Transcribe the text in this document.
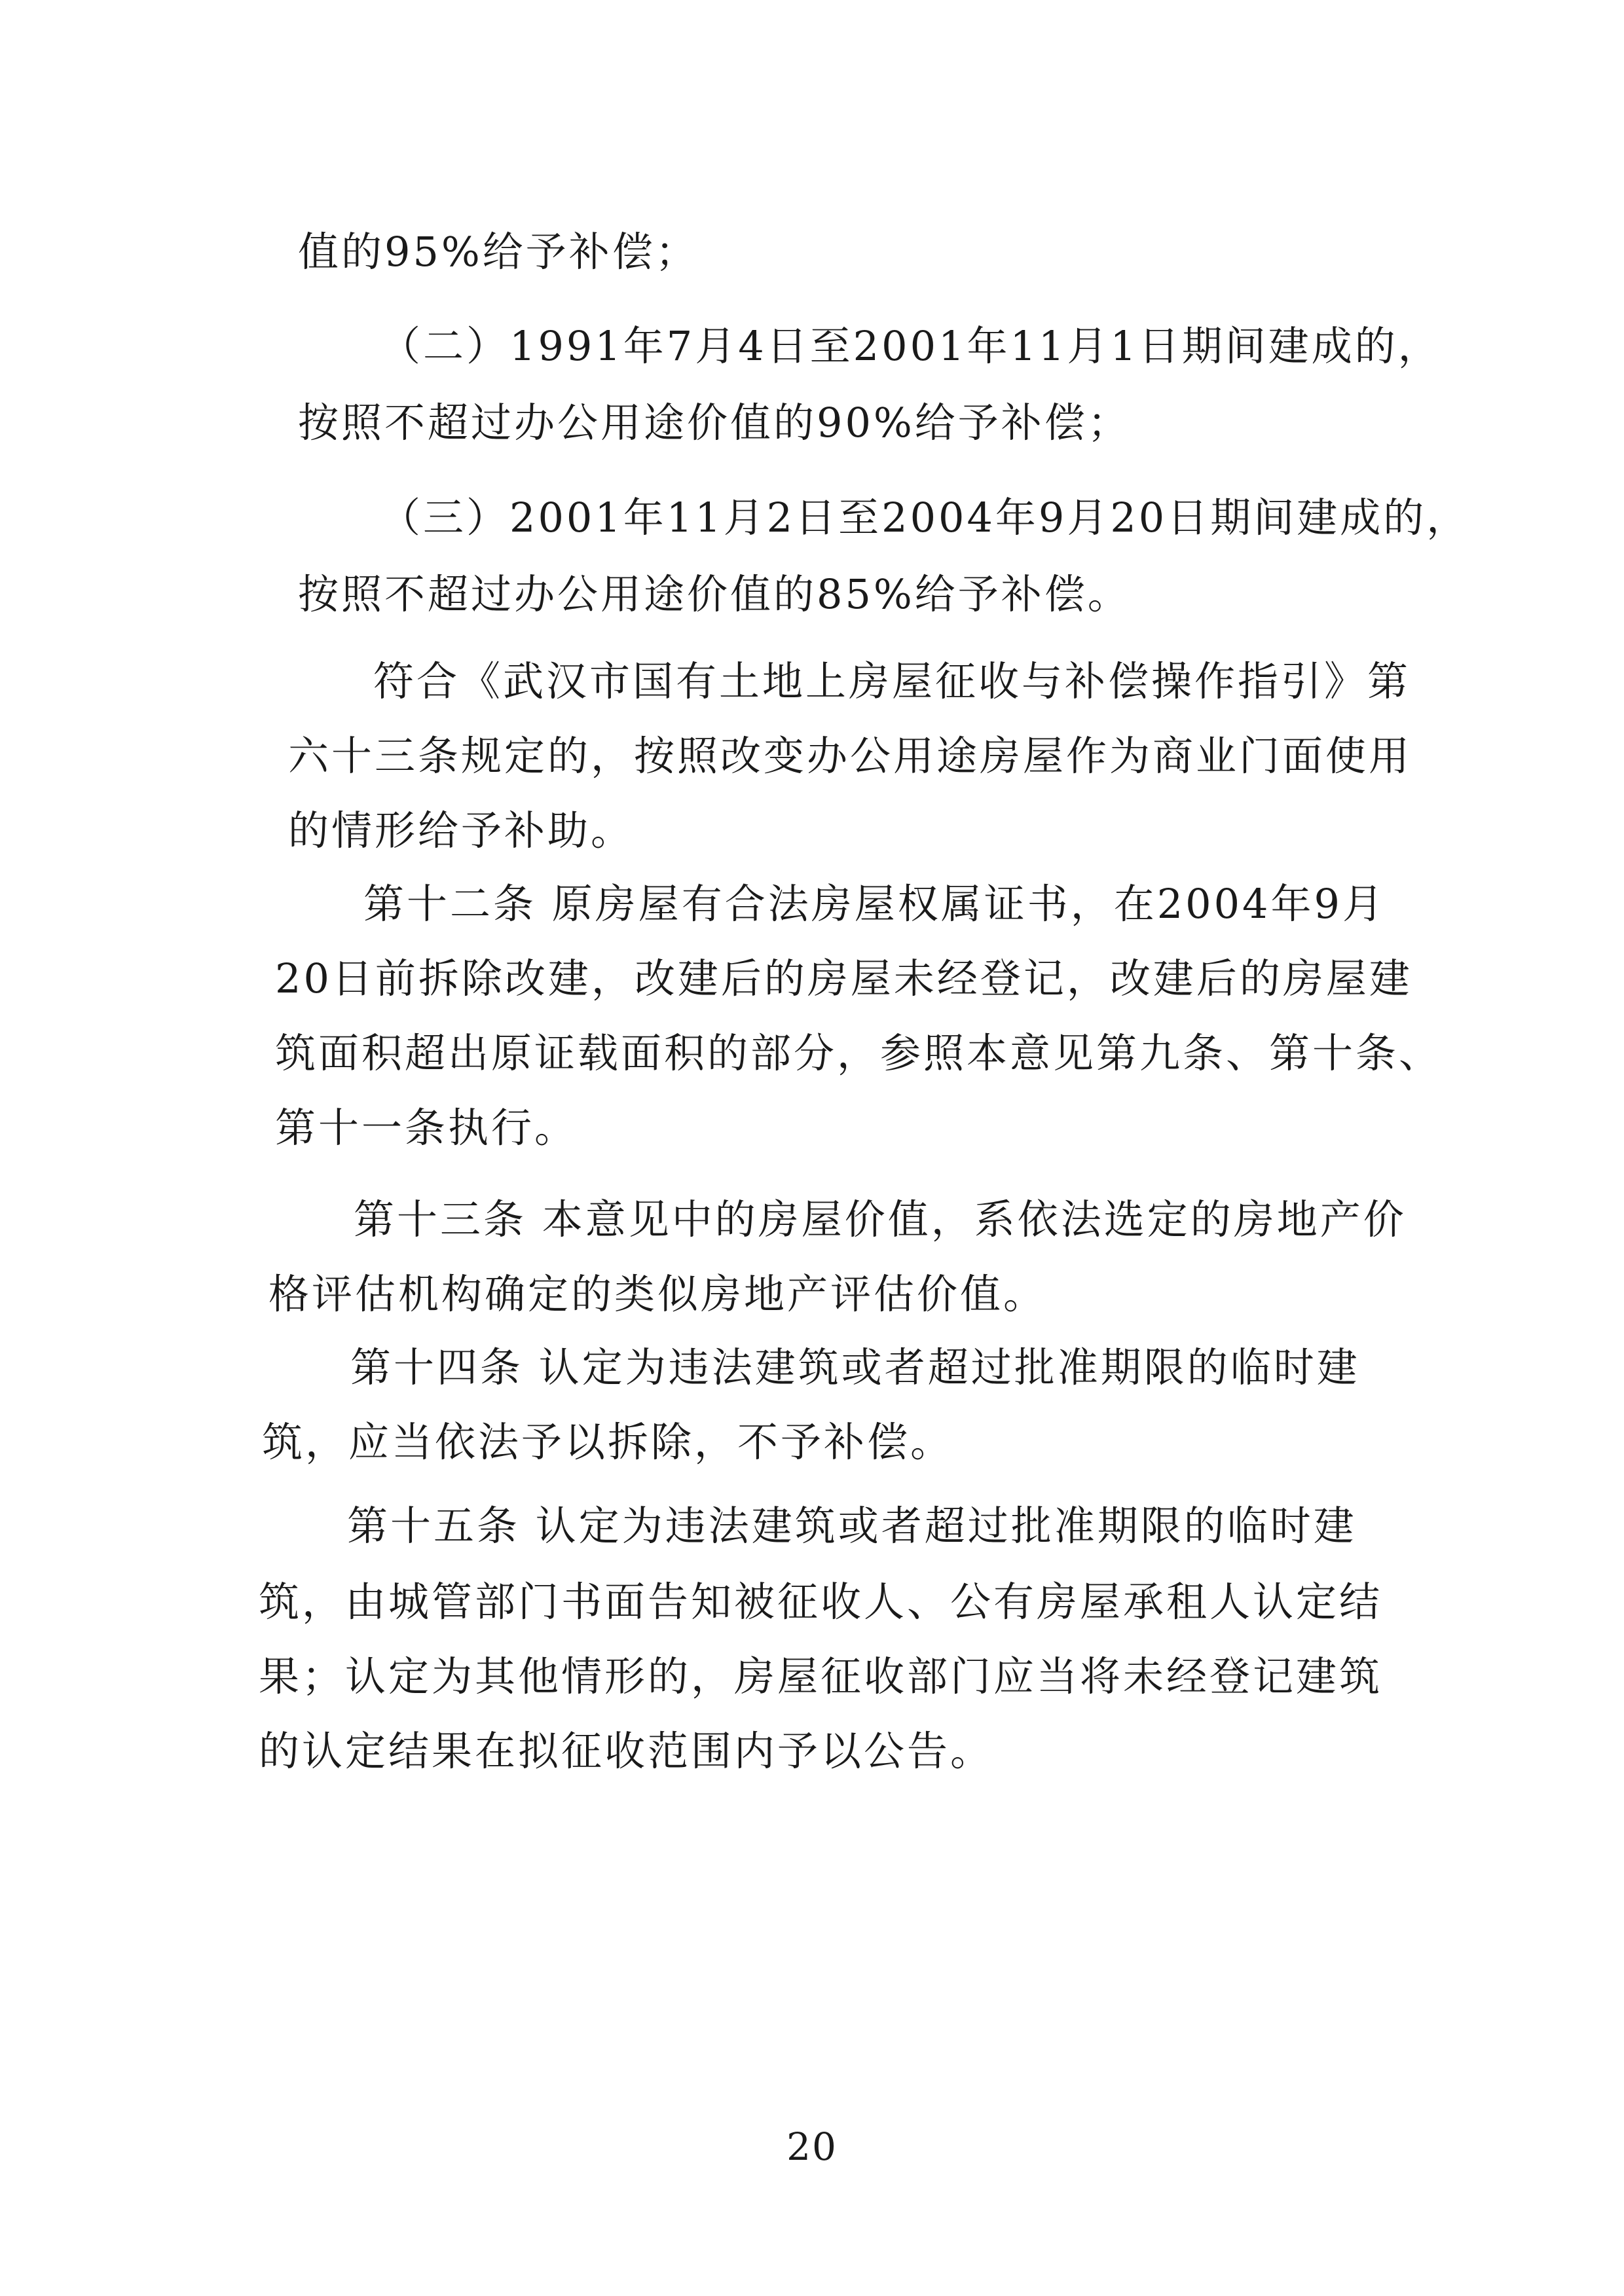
值的95%给予补偿；
（二）1991年7月4日至2001年11月1日期间建成的，
按照不超过办公用途价值的90%给予补偿；
（三）2001年11月2日至2004年9月20日期间建成的，
按照不超过办公用途价值的85%给予补偿。
符合《武汉市国有土地上房屋征收与补偿操作指引》第
六十三条规定的，按照改变办公用途房屋作为商业门面使用
的情形给予补助。
第十二条 原房屋有合法房屋权属证书，在2004年9月
20日前拆除改建，改建后的房屋未经登记，改建后的房屋建
筑面积超出原证载面积的部分，参照本意见第九条、第十条、
第十一条执行。
第十三条 本意见中的房屋价值，系依法选定的房地产价
格评估机构确定的类似房地产评估价值。
第十四条 认定为违法建筑或者超过批准期限的临时建
筑，应当依法予以拆除，不予补偿。
第十五条 认定为违法建筑或者超过批准期限的临时建
筑，由城管部门书面告知被征收人、公有房屋承租人认定结
果；认定为其他情形的，房屋征收部门应当将未经登记建筑
的认定结果在拟征收范围内予以公告。
20
